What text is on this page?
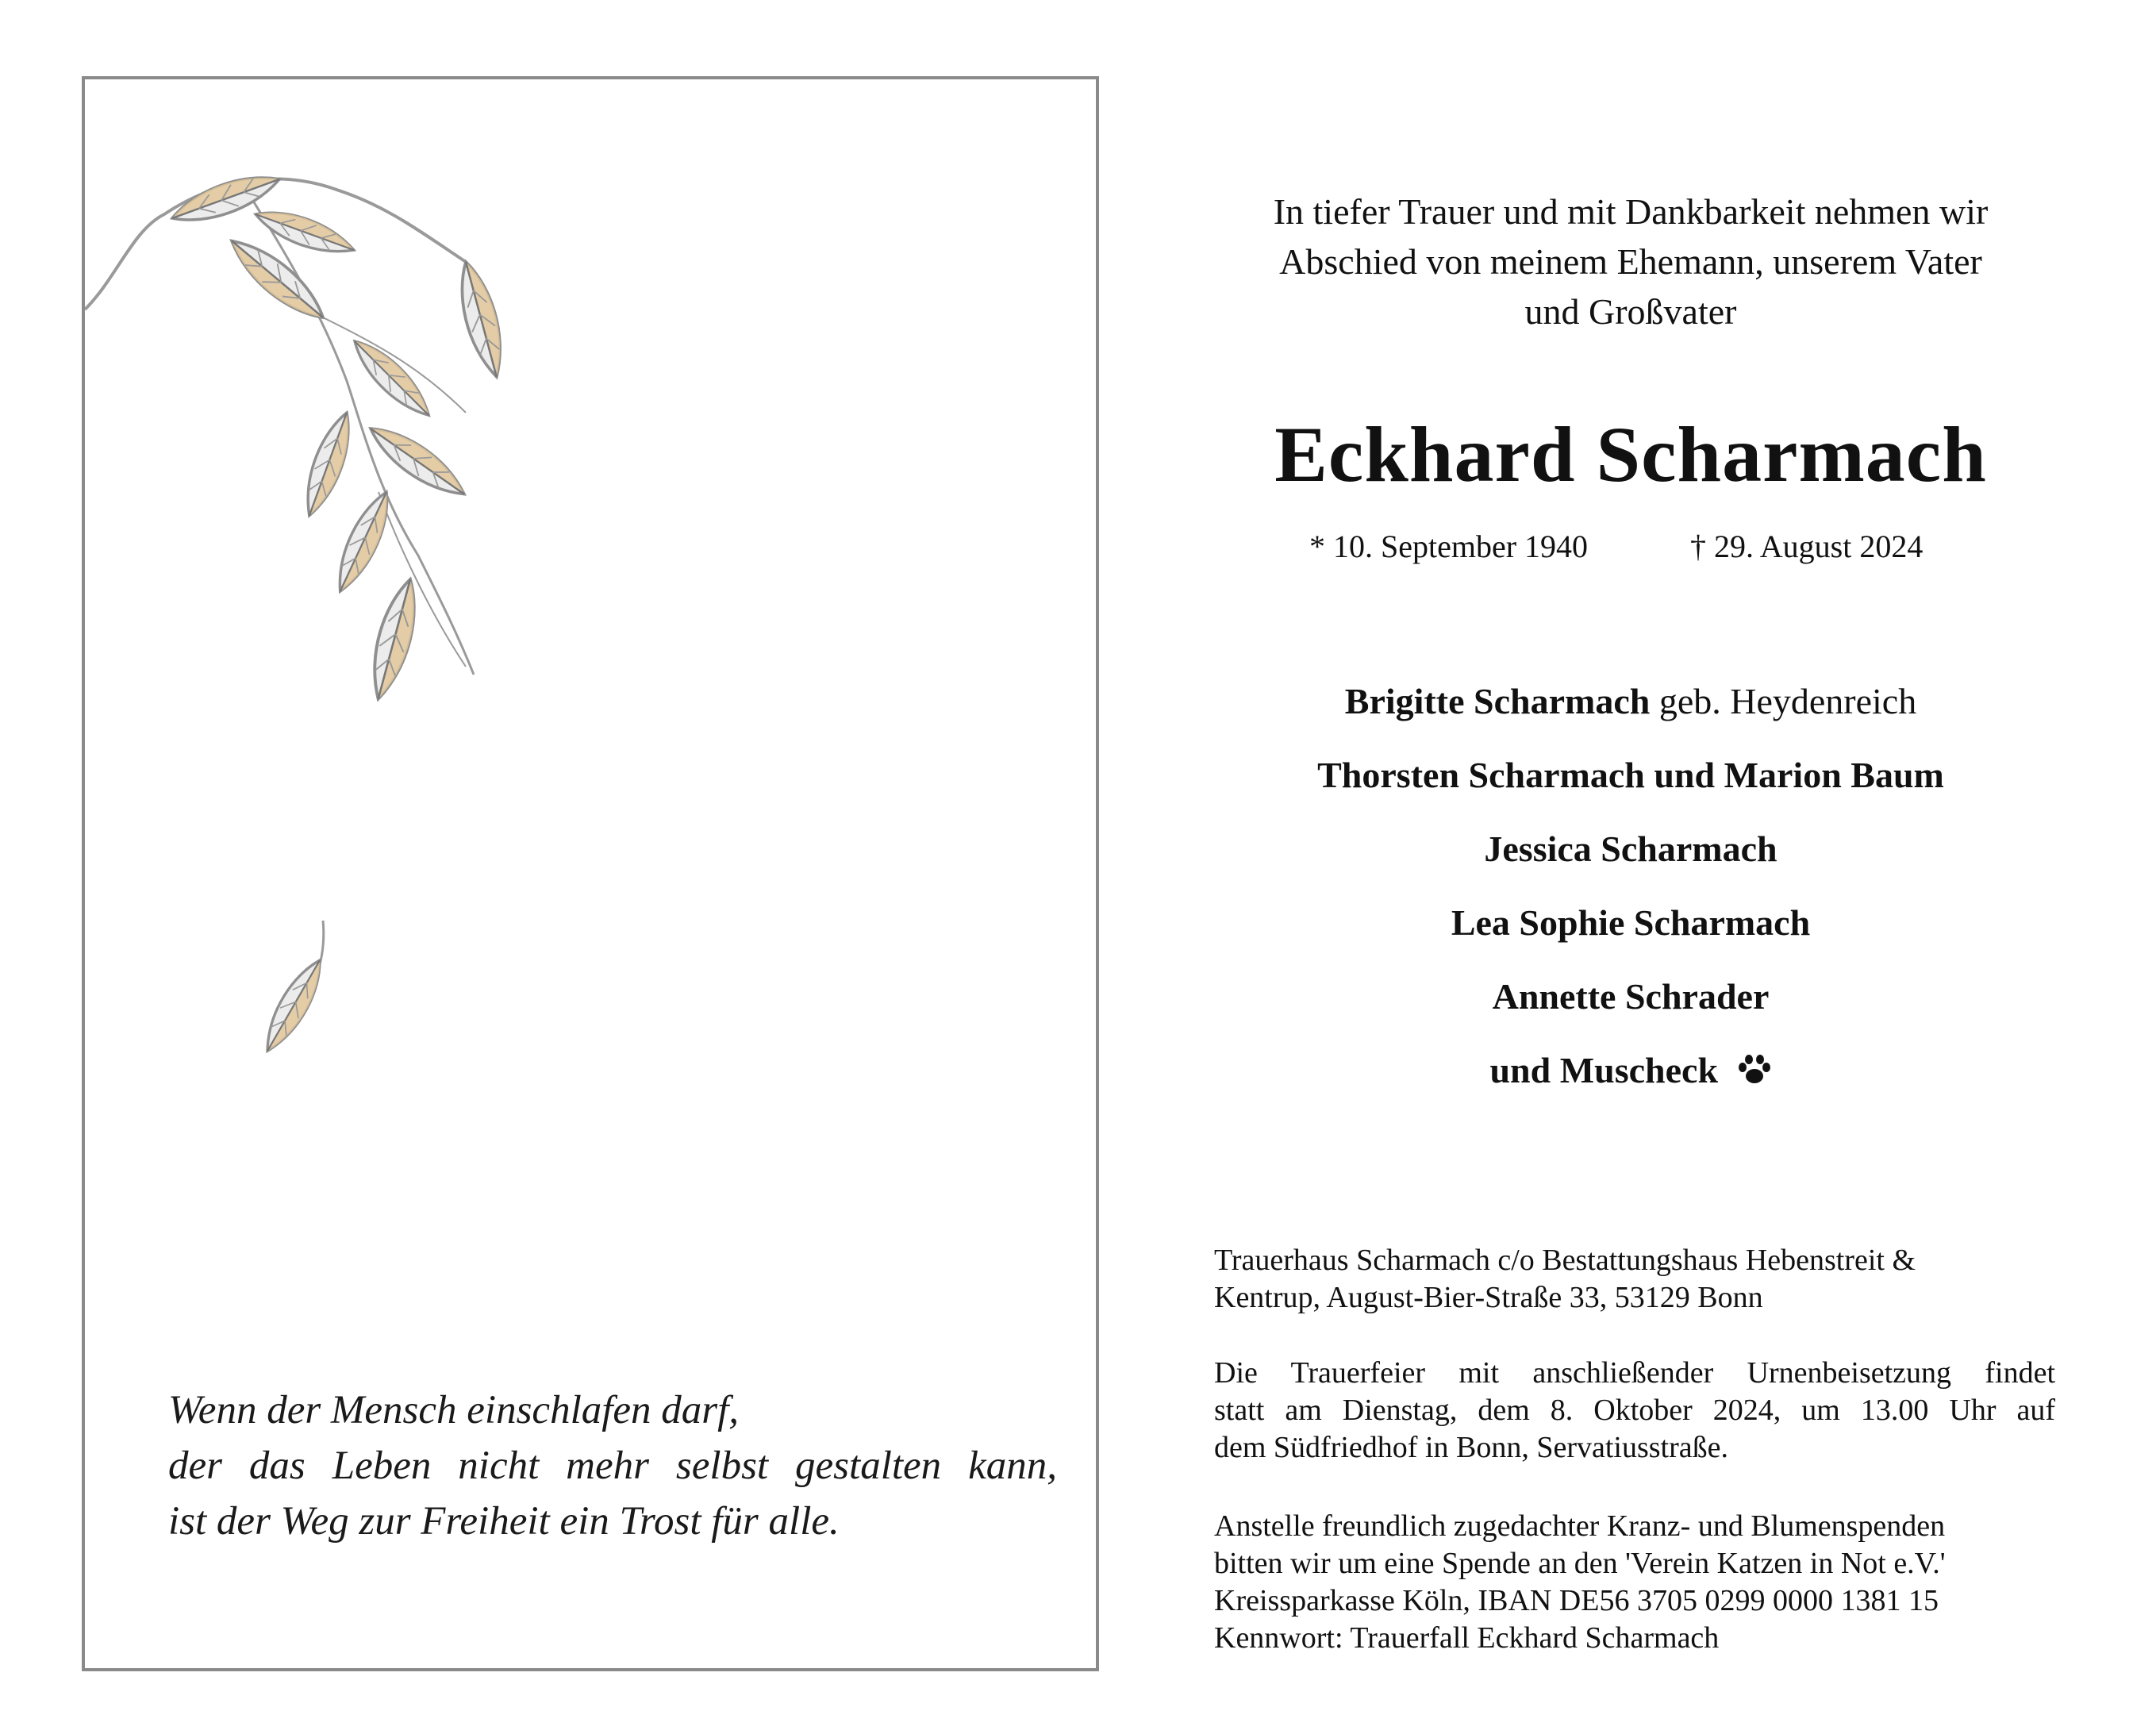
Wenn der Mensch einschlafen darf,
der das Leben nicht mehr selbst gestalten kann,
ist der Weg zur Freiheit ein Trost für alle.
In tiefer Trauer und mit Dankbarkeit nehmen wir
Abschied von meinem Ehemann, unserem Vater
und Großvater
Eckhard Scharmach
* 10. September 1940	† 29. August 2024
Brigitte Scharmach geb. Heydenreich
Thorsten Scharmach und Marion Baum
Jessica Scharmach
Lea Sophie Scharmach
Annette Schrader
und Muscheck
Trauerhaus Scharmach c/o Bestattungshaus Hebenstreit &
Kentrup, August-Bier-Straße 33, 53129 Bonn
Die Trauerfeier mit anschließender Urnenbeisetzung findet
statt am Dienstag, dem 8. Oktober 2024, um 13.00 Uhr auf
dem Südfriedhof in Bonn, Servatiusstraße.
Anstelle freundlich zugedachter Kranz- und Blumenspenden
bitten wir um eine Spende an den 'Verein Katzen in Not e.V.'
Kreissparkasse Köln, IBAN DE56 3705 0299 0000 1381 15
Kennwort: Trauerfall Eckhard Scharmach
